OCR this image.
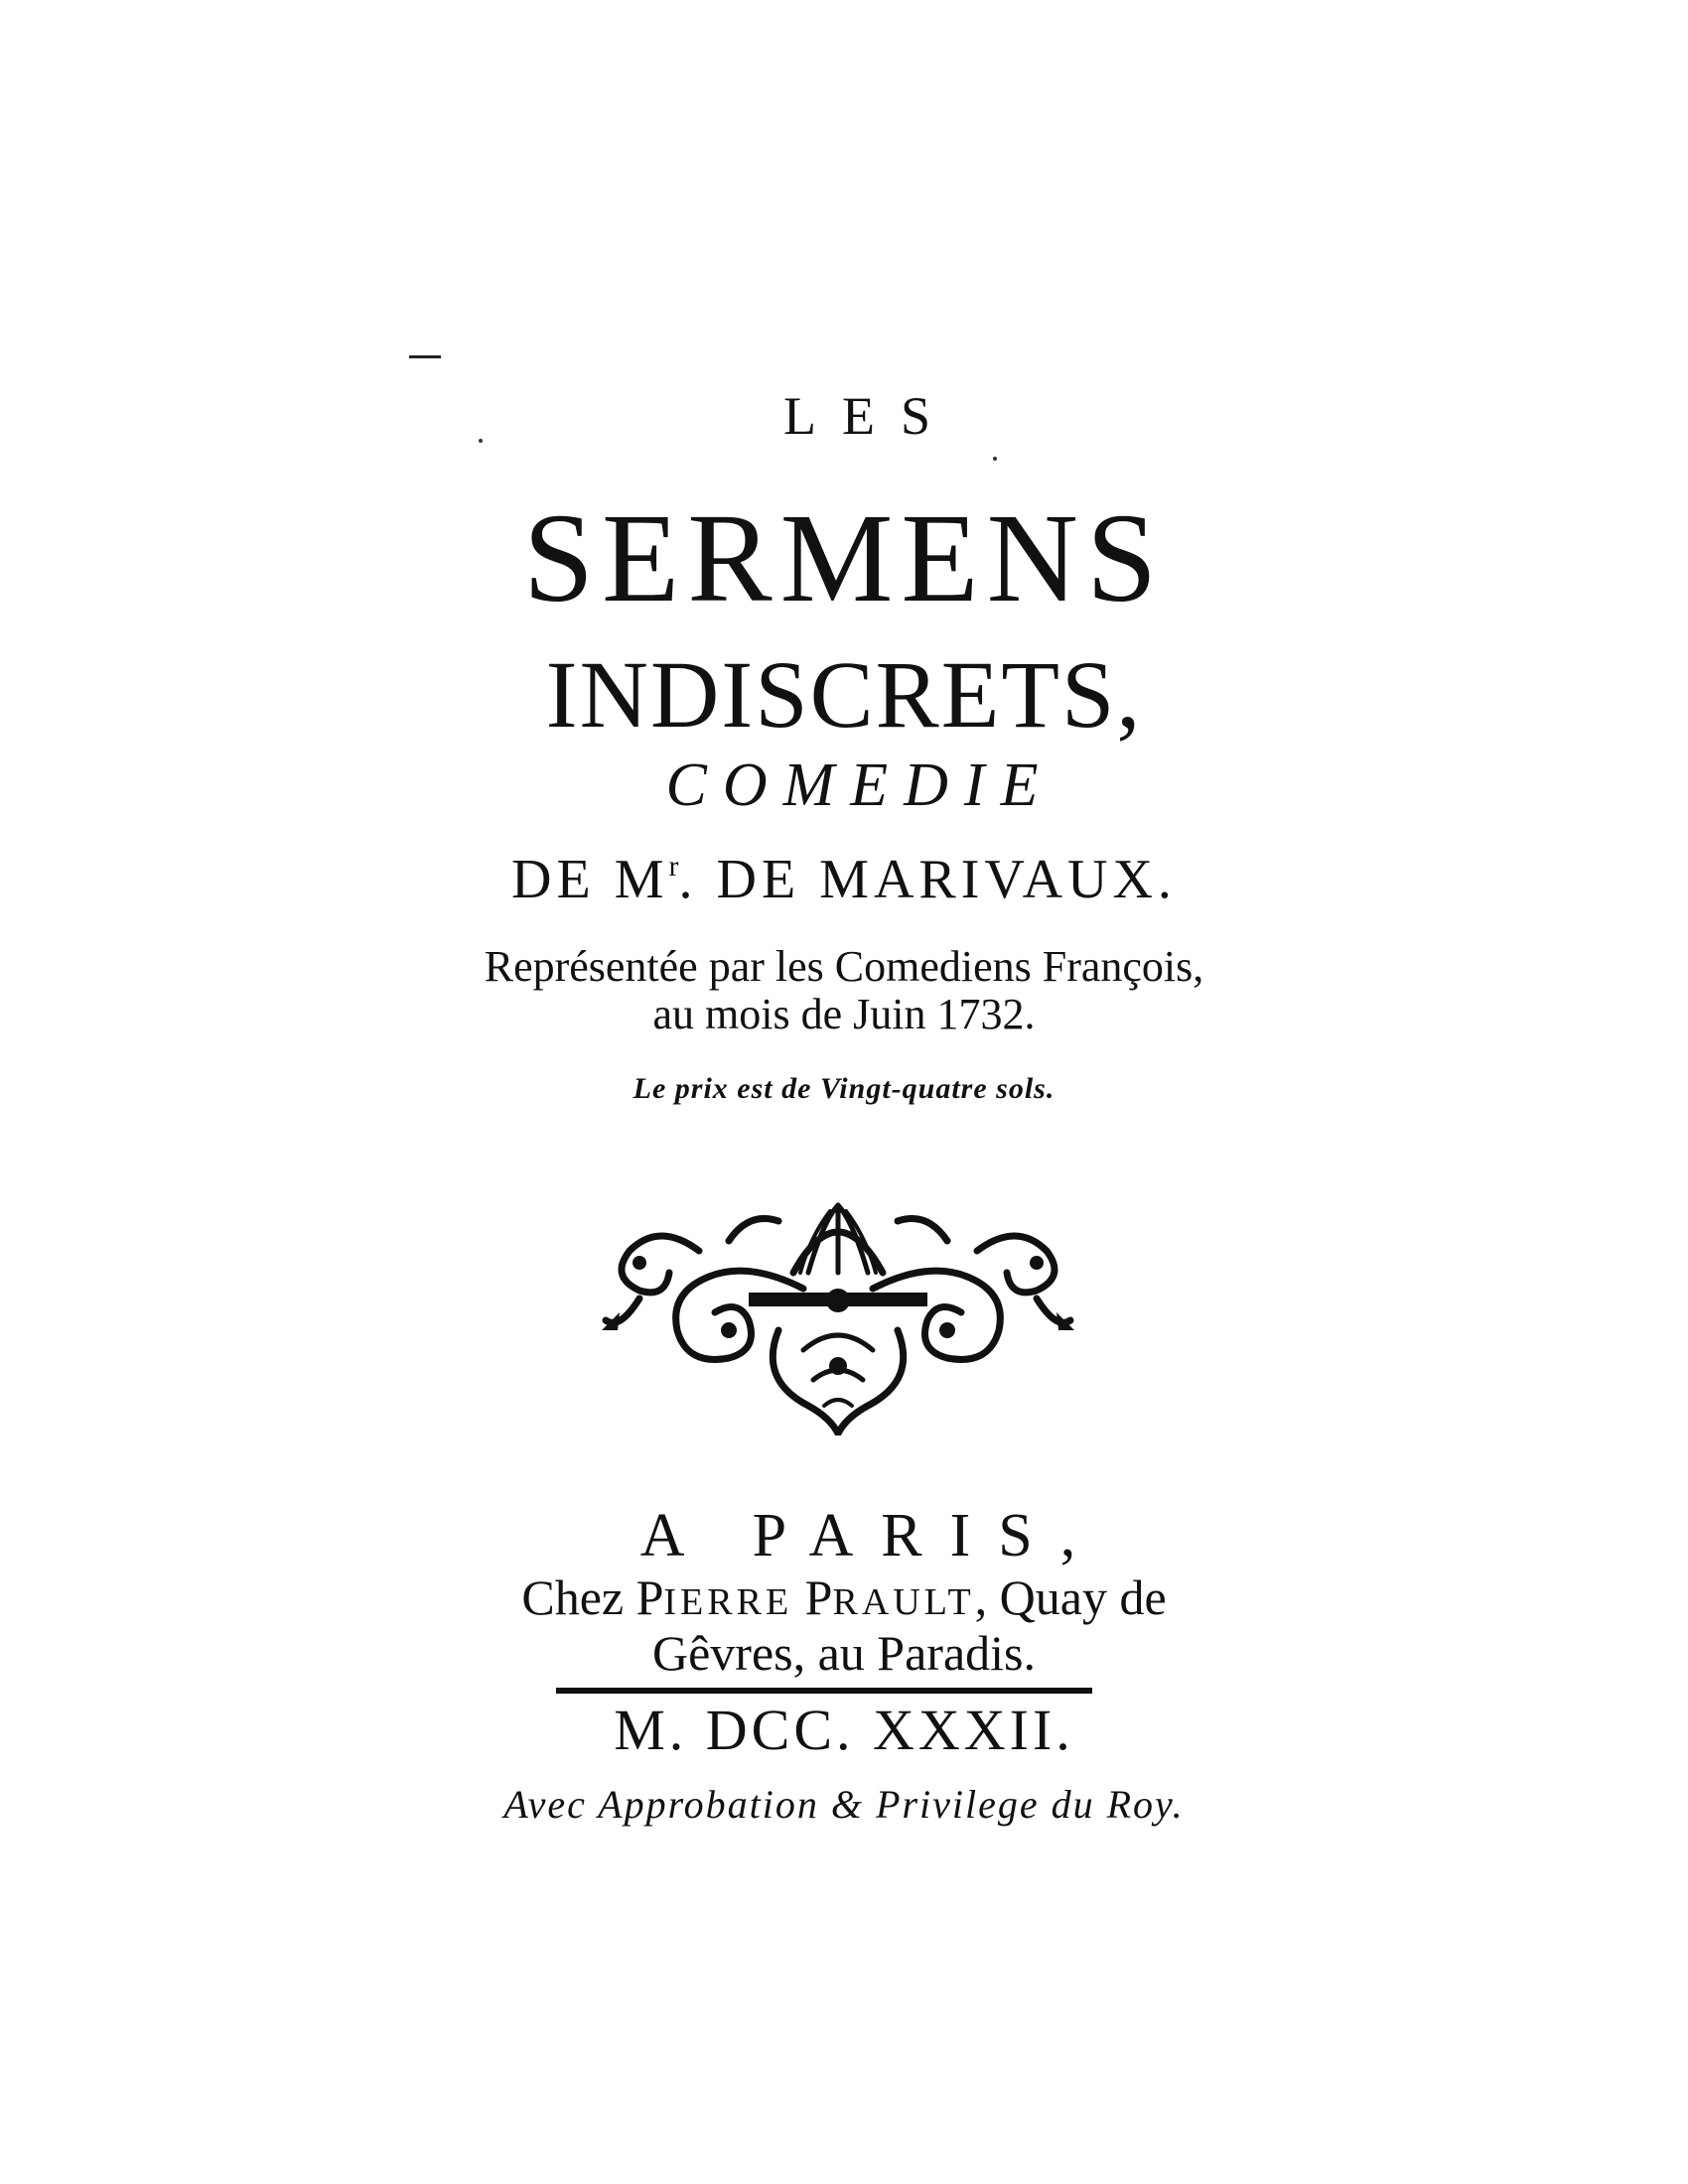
LES
SERMENS
INDISCRETS,
COMEDIE
DE $M^r$. DE MARIVAUX.
Représentée par les Comediens François,
au mois de Juin 1732.
Le prix est de Vingt-quatre sols.
A PARIS,
Chez PIERRE PRAULT, Quay de
Gêvres, au Paradis.
M. DCC. XXXII.
Avec Approbation & Privilege du Roy.
